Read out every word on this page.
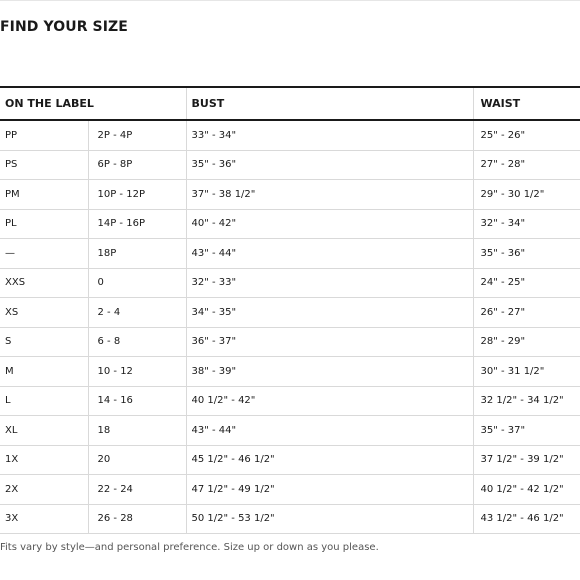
FIND YOUR SIZE
ON THE LABEL		BUST	WAIST
PP	2P - 4P	33" - 34"	25" - 26"
PS	6P - 8P	35" - 36"	27" - 28"
PM	10P - 12P	37" - 38 1/2"	29" - 30 1/2"
PL	14P - 16P	40" - 42"	32" - 34"
—	18P	43" - 44"	35" - 36"
XXS	0	32" - 33"	24" - 25"
XS	2 - 4	34" - 35"	26" - 27"
S	6 - 8	36" - 37"	28" - 29"
M	10 - 12	38" - 39"	30" - 31 1/2"
L	14 - 16	40 1/2" - 42"	32 1/2" - 34 1/2"
XL	18	43" - 44"	35" - 37"
1X	20	45 1/2" - 46 1/2"	37 1/2" - 39 1/2"
2X	22 - 24	47 1/2" - 49 1/2"	40 1/2" - 42 1/2"
3X	26 - 28	50 1/2" - 53 1/2"	43 1/2" - 46 1/2"
Fits vary by style—and personal preference. Size up or down as you please.
